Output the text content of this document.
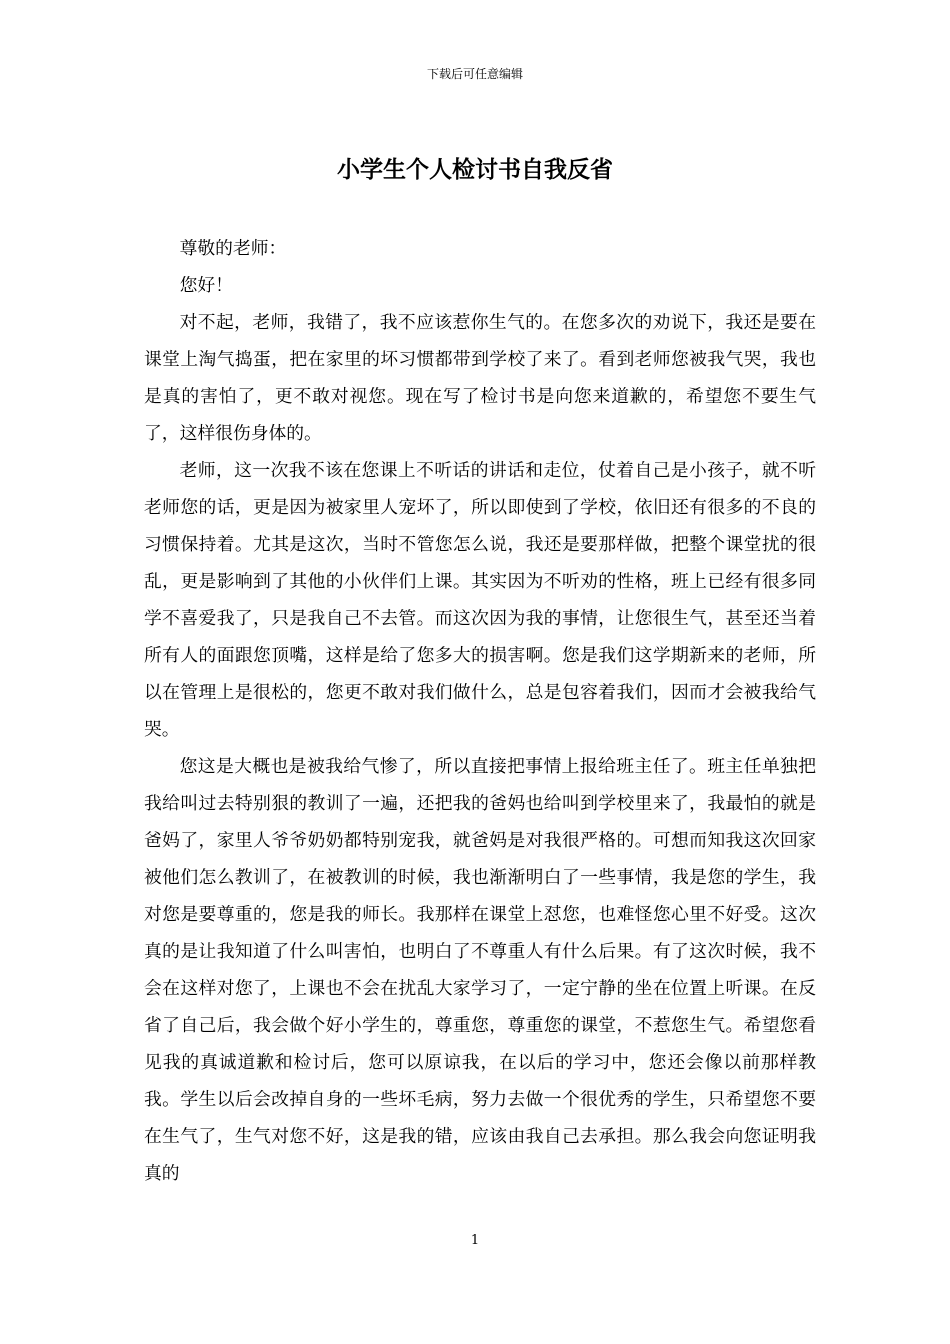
下载后可任意编辑
小学生个人检讨书自我反省

尊敬的老师：

您好！

对不起，老师，我错了，我不应该惹你生气的。在您多次的劝说下，我还是要在课堂上淘气捣蛋，把在家里的坏习惯都带到学校了来了。看到老师您被我气哭，我也是真的害怕了，更不敢对视您。现在写了检讨书是向您来道歉的，希望您不要生气了，这样很伤身体的。

老师，这一次我不该在您课上不听话的讲话和走位，仗着自己是小孩子，就不听老师您的话，更是因为被家里人宠坏了，所以即使到了学校，依旧还有很多的不良的习惯保持着。尤其是这次，当时不管您怎么说，我还是要那样做，把整个课堂扰的很乱，更是影响到了其他的小伙伴们上课。其实因为不听劝的性格，班上已经有很多同学不喜爱我了，只是我自己不去管。而这次因为我的事情，让您很生气，甚至还当着所有人的面跟您顶嘴，这样是给了您多大的损害啊。您是我们这学期新来的老师，所以在管理上是很松的，您更不敢对我们做什么，总是包容着我们，因而才会被我给气哭。

您这是大概也是被我给气惨了，所以直接把事情上报给班主任了。班主任单独把我给叫过去特别狠的教训了一遍，还把我的爸妈也给叫到学校里来了，我最怕的就是爸妈了，家里人爷爷奶奶都特别宠我，就爸妈是对我很严格的。可想而知我这次回家被他们怎么教训了，在被教训的时候，我也渐渐明白了一些事情，我是您的学生，我对您是要尊重的，您是我的师长。我那样在课堂上怼您，也难怪您心里不好受。这次真的是让我知道了什么叫害怕，也明白了不尊重人有什么后果。有了这次时候，我不会在这样对您了，上课也不会在扰乱大家学习了，一定宁静的坐在位置上听课。在反省了自己后，我会做个好小学生的，尊重您，尊重您的课堂，不惹您生气。希望您看见我的真诚道歉和检讨后，您可以原谅我，在以后的学习中，您还会像以前那样教我。学生以后会改掉自身的一些坏毛病，努力去做一个很优秀的学生，只希望您不要在生气了，生气对您不好，这是我的错，应该由我自己去承担。那么我会向您证明我真的

1
